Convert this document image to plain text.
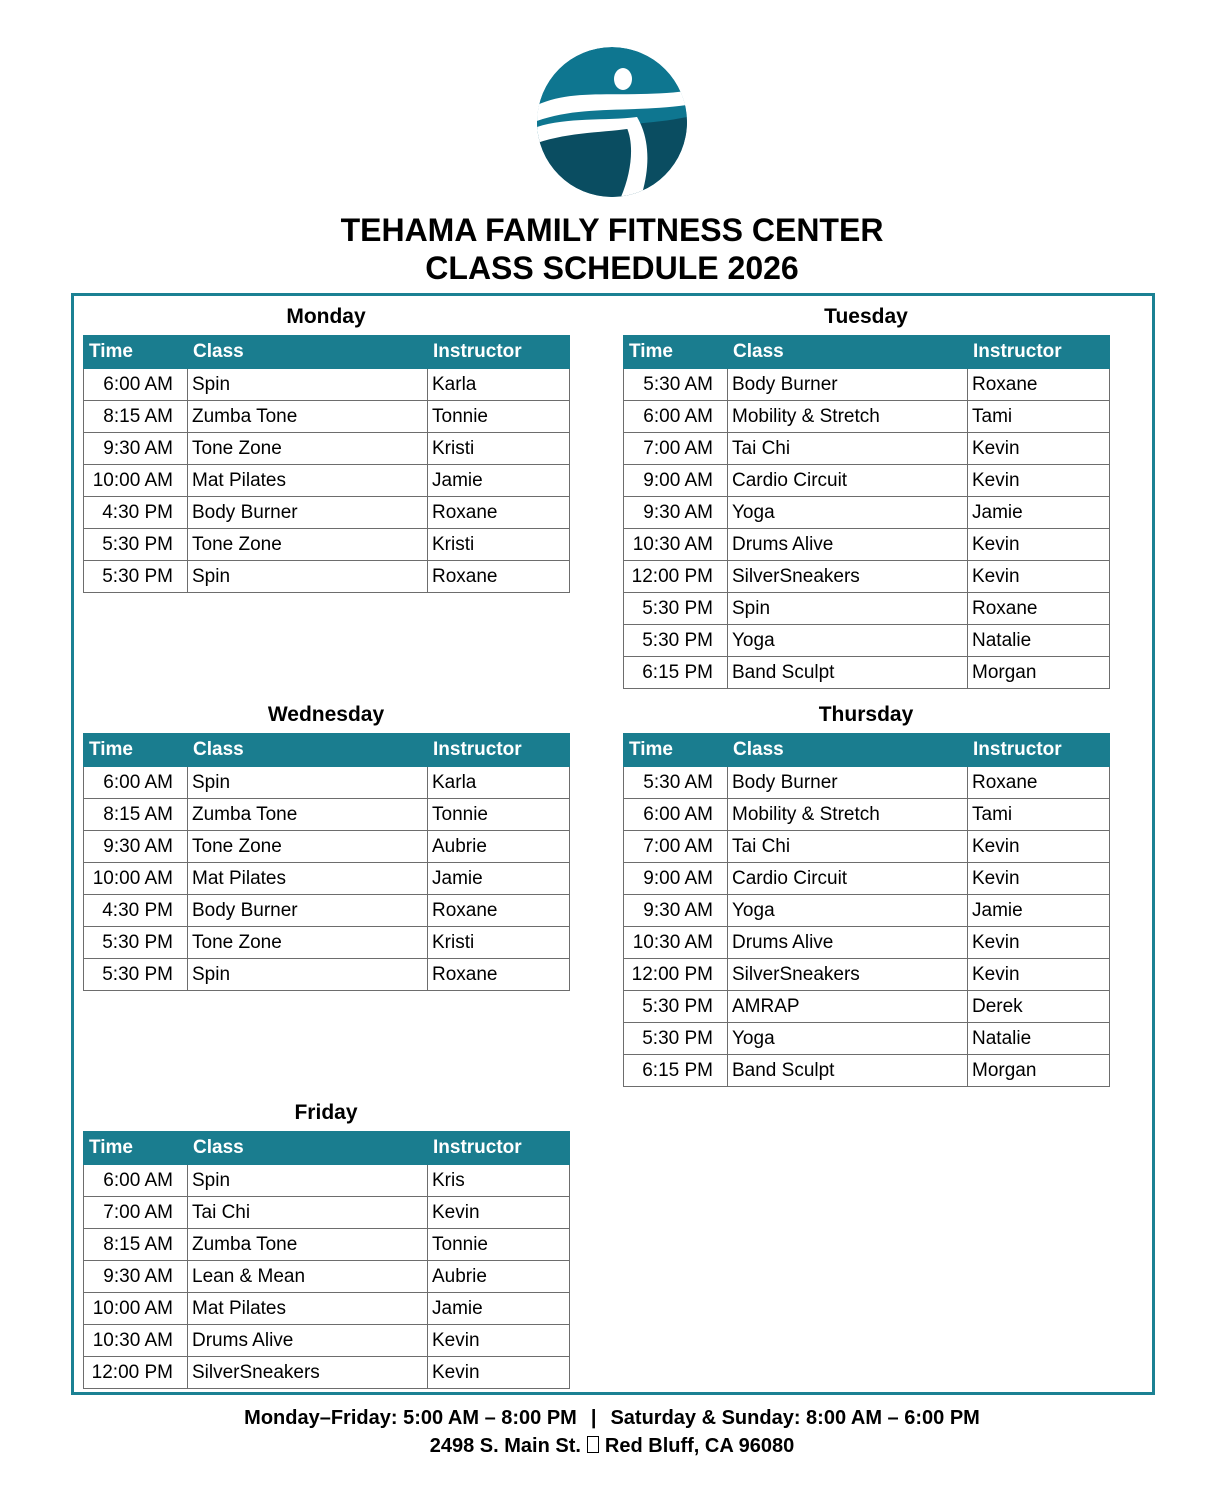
TEHAMA FAMILY FITNESS CENTER
CLASS SCHEDULE 2026
Monday
Time	Class	Instructor
6:00 AM	Spin	Karla
8:15 AM	Zumba Tone	Tonnie
9:30 AM	Tone Zone	Kristi
10:00 AM	Mat Pilates	Jamie
4:30 PM	Body Burner	Roxane
5:30 PM	Tone Zone	Kristi
5:30 PM	Spin	Roxane
Tuesday
Time	Class	Instructor
5:30 AM	Body Burner	Roxane
6:00 AM	Mobility & Stretch	Tami
7:00 AM	Tai Chi	Kevin
9:00 AM	Cardio Circuit	Kevin
9:30 AM	Yoga	Jamie
10:30 AM	Drums Alive	Kevin
12:00 PM	SilverSneakers	Kevin
5:30 PM	Spin	Roxane
5:30 PM	Yoga	Natalie
6:15 PM	Band Sculpt	Morgan
Wednesday
Time	Class	Instructor
6:00 AM	Spin	Karla
8:15 AM	Zumba Tone	Tonnie
9:30 AM	Tone Zone	Aubrie
10:00 AM	Mat Pilates	Jamie
4:30 PM	Body Burner	Roxane
5:30 PM	Tone Zone	Kristi
5:30 PM	Spin	Roxane
Thursday
Time	Class	Instructor
5:30 AM	Body Burner	Roxane
6:00 AM	Mobility & Stretch	Tami
7:00 AM	Tai Chi	Kevin
9:00 AM	Cardio Circuit	Kevin
9:30 AM	Yoga	Jamie
10:30 AM	Drums Alive	Kevin
12:00 PM	SilverSneakers	Kevin
5:30 PM	AMRAP	Derek
5:30 PM	Yoga	Natalie
6:15 PM	Band Sculpt	Morgan
Friday
Time	Class	Instructor
6:00 AM	Spin	Kris
7:00 AM	Tai Chi	Kevin
8:15 AM	Zumba Tone	Tonnie
9:30 AM	Lean & Mean	Aubrie
10:00 AM	Mat Pilates	Jamie
10:30 AM	Drums Alive	Kevin
12:00 PM	SilverSneakers	Kevin
Monday–Friday: 5:00 AM – 8:00 PM | Saturday & Sunday: 8:00 AM – 6:00 PM
2498 S. Main St. Red Bluff, CA 96080
